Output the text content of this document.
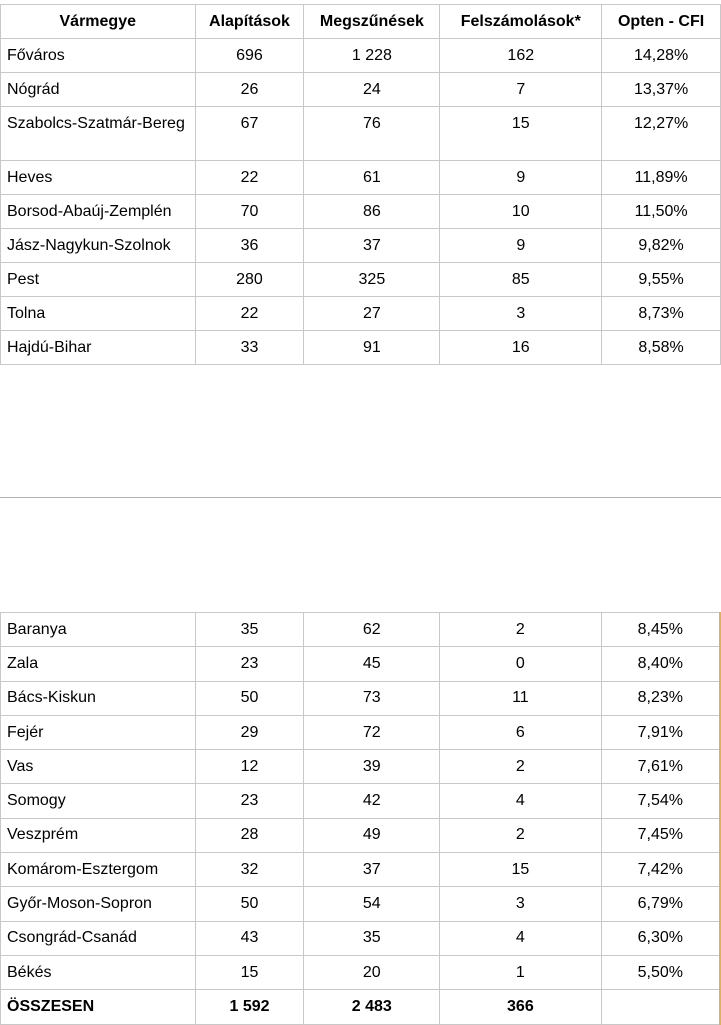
Vármegye	Alapítások	Megszűnések	Felszámolások*	Opten - CFI
Főváros	696	1 228	162	14,28%
Nógrád	26	24	7	13,37%
Szabolcs-Szatmár-Bereg	67	76	15	12,27%
Heves	22	61	9	11,89%
Borsod-Abaúj-Zemplén	70	86	10	11,50%
Jász-Nagykun-Szolnok	36	37	9	9,82%
Pest	280	325	85	9,55%
Tolna	22	27	3	8,73%
Hajdú-Bihar	33	91	16	8,58%
Baranya	35	62	2	8,45%
Zala	23	45	0	8,40%
Bács-Kiskun	50	73	11	8,23%
Fejér	29	72	6	7,91%
Vas	12	39	2	7,61%
Somogy	23	42	4	7,54%
Veszprém	28	49	2	7,45%
Komárom-Esztergom	32	37	15	7,42%
Győr-Moson-Sopron	50	54	3	6,79%
Csongrád-Csanád	43	35	4	6,30%
Békés	15	20	1	5,50%
ÖSSZESEN	1 592	2 483	366	
